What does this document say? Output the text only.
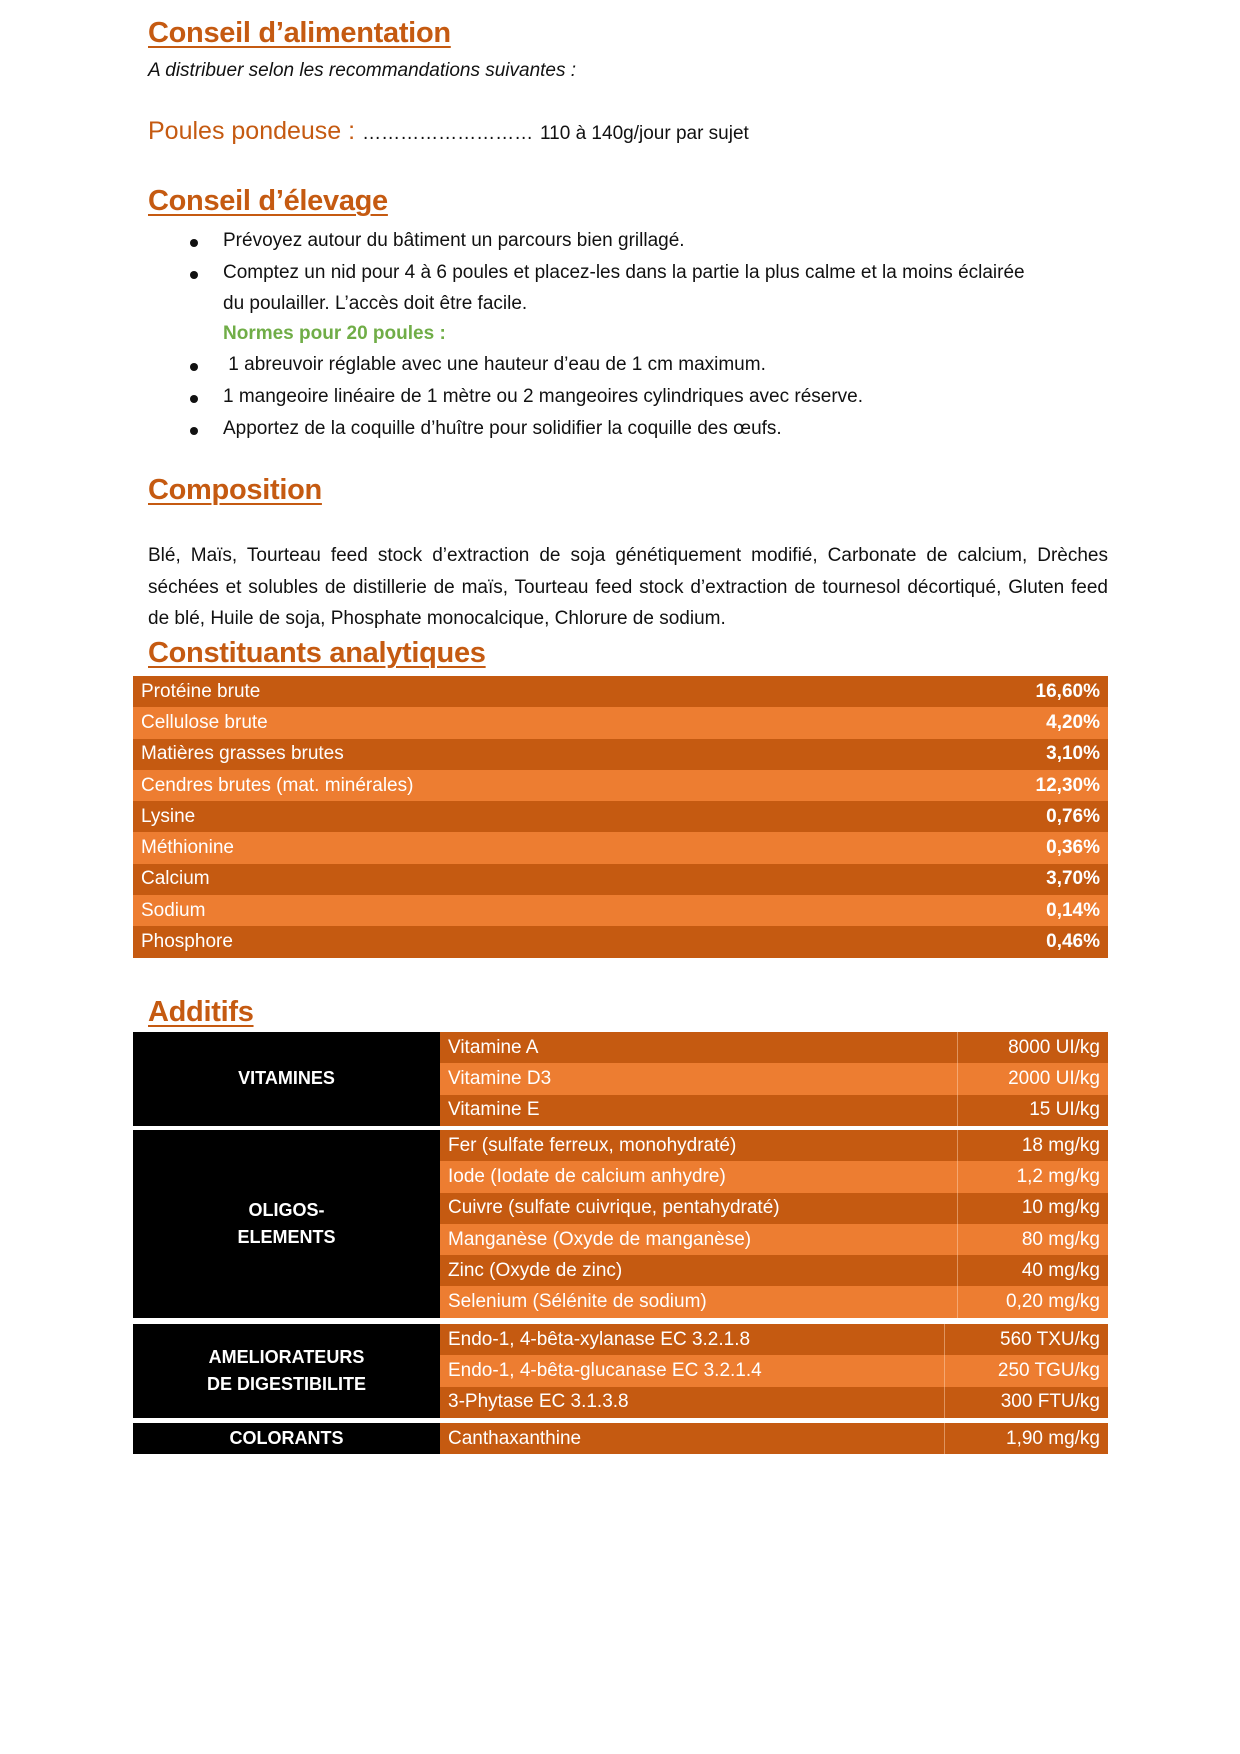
Conseil d’alimentation
A distribuer selon les recommandations suivantes :
Poules pondeuse : ……………………… 110 à 140g/jour par sujet
Conseil d’élevage
Prévoyez autour du bâtiment un parcours bien grillagé.
Comptez un nid pour 4 à 6 poules et placez-les dans la partie la plus calme et la moins éclairée
du poulailler. L’accès doit être facile.
Normes pour 20 poules :
1 abreuvoir réglable avec une hauteur d’eau de 1 cm maximum.
1 mangeoire linéaire de 1 mètre ou 2 mangeoires cylindriques avec réserve.
Apportez de la coquille d’huître pour solidifier la coquille des œufs.
Composition
Blé, Maïs, Tourteau feed stock d’extraction de soja génétiquement modifié, Carbonate de calcium, Drèches séchées et solubles de distillerie de maïs, Tourteau feed stock d’extraction de tournesol décortiqué, Gluten feed de blé, Huile de soja, Phosphate monocalcique, Chlorure de sodium.
Constituants analytiques
Protéine brute	16,60%
Cellulose brute	4,20%
Matières grasses brutes	3,10%
Cendres brutes (mat. minérales)	12,30%
Lysine	0,76%
Méthionine	0,36%
Calcium	3,70%
Sodium	0,14%
Phosphore	0,46%
Additifs
VITAMINES
Vitamine A	8000 UI/kg
Vitamine D3	2000 UI/kg
Vitamine E	15 UI/kg
OLIGOS-
ELEMENTS
Fer (sulfate ferreux, monohydraté)	18 mg/kg
Iode (Iodate de calcium anhydre)	1,2 mg/kg
Cuivre (sulfate cuivrique, pentahydraté)	10 mg/kg
Manganèse (Oxyde de manganèse)	80 mg/kg
Zinc (Oxyde de zinc)	40 mg/kg
Selenium (Sélénite de sodium)	0,20 mg/kg
AMELIORATEURS
DE DIGESTIBILITE
Endo-1, 4-bêta-xylanase EC 3.2.1.8	560 TXU/kg
Endo-1, 4-bêta-glucanase EC 3.2.1.4	250 TGU/kg
3-Phytase EC 3.1.3.8	300 FTU/kg
COLORANTS	Canthaxanthine	1,90 mg/kg
